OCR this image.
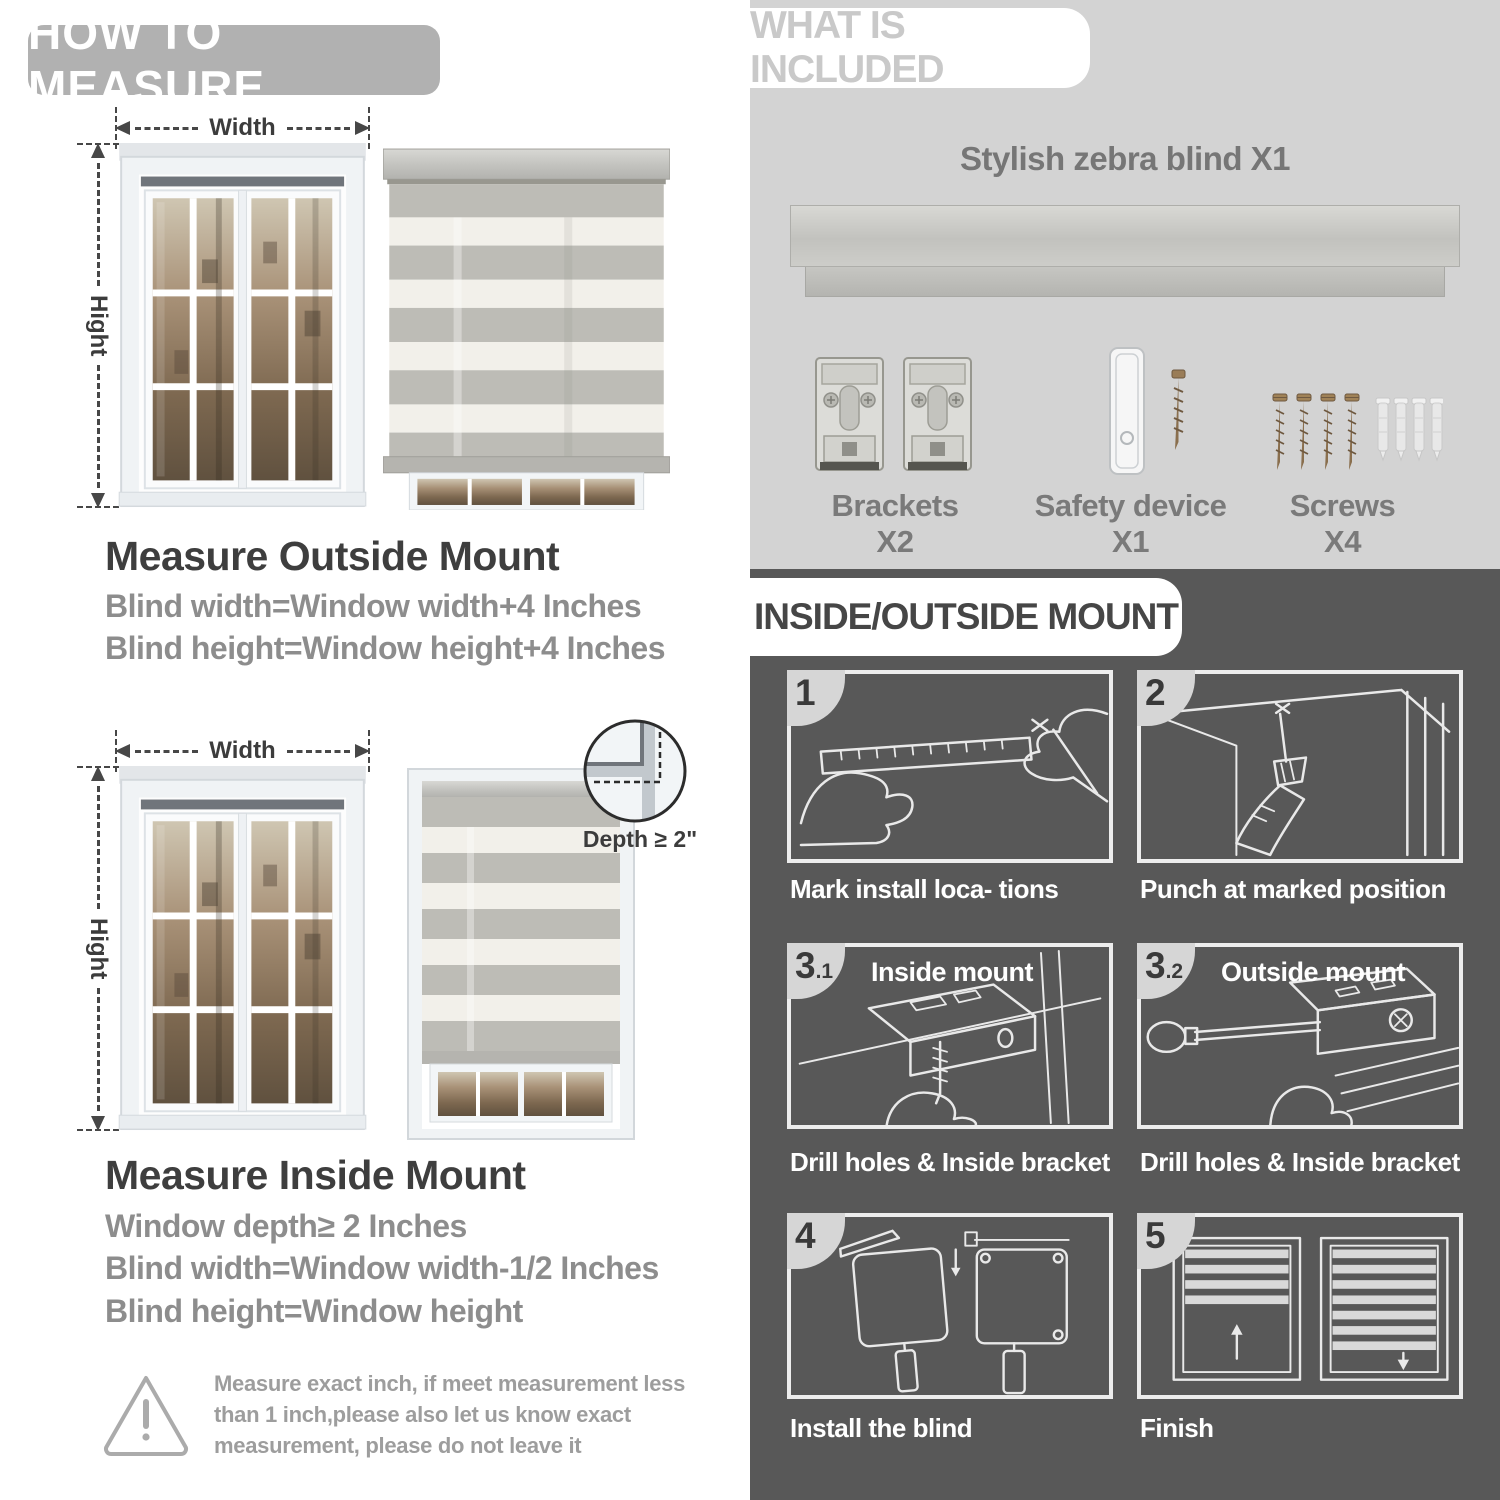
HOW TO MEASURE
Width
Hight
Measure Outside Mount
Blind width=Window width+4 Inches
Blind height=Window height+4 Inches
Width
Hight
Depth ≥ 2"
Measure Inside Mount
Window depth≥ 2 Inches
Blind width=Window width-1/2 Inches
Blind height=Window height
Measure exact inch, if meet measurement less
than 1 inch,please also let us know exact
measurement, please do not leave it
WHAT IS INCLUDED
Stylish zebra blind X1
Brackets X2
Safety device X1
Screws X4
INSIDE/OUTSIDE MOUNT
1
Mark install loca- tions
2
Punch at marked position
3 .1 Inside mount
Drill holes & Inside bracket
3 .2 Outside mount
Drill holes & Inside bracket
4
Install the blind
5
Finish
